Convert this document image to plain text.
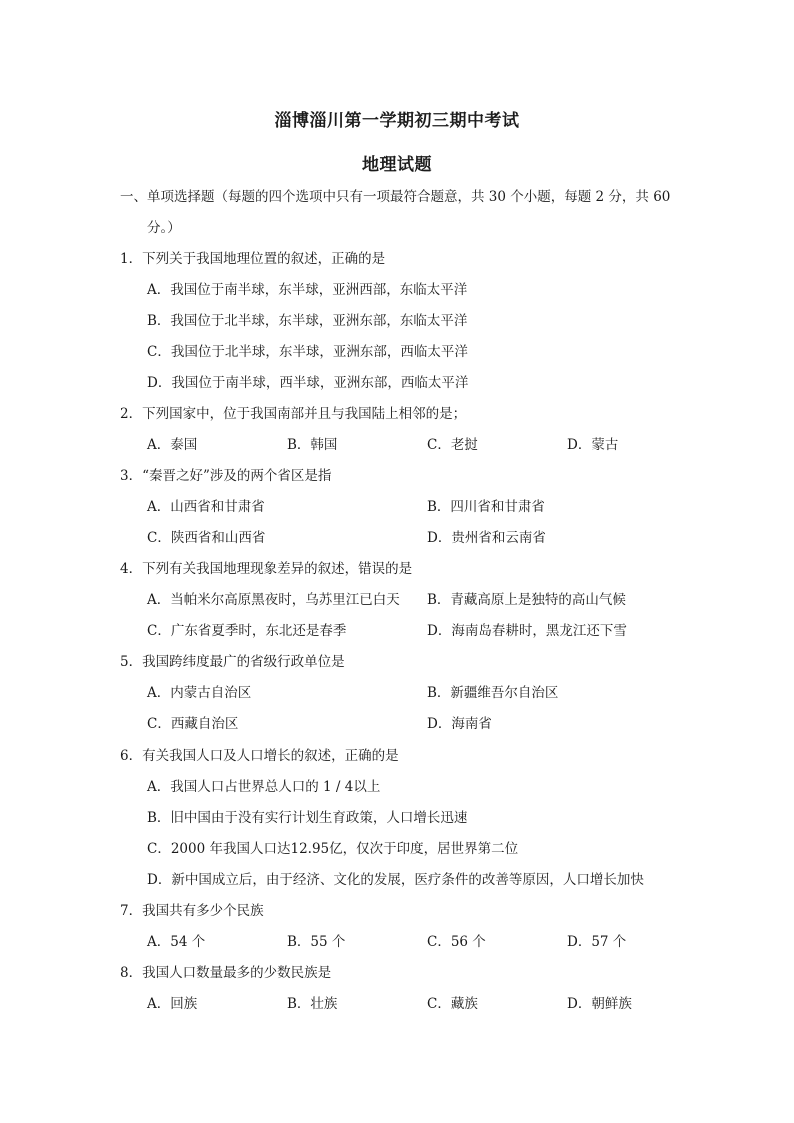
淄博淄川第一学期初三期中考试
地理试题
一、单项选择题（每题的四个选项中只有一项最符合题意，共 30 个小题，每题 2 分，共 60
分。）
1．下列关于我国地理位置的叙述，正确的是
A．我国位于南半球，东半球，亚洲西部，东临太平洋
B．我国位于北半球，东半球，亚洲东部，东临太平洋
C．我国位于北半球，东半球，亚洲东部，西临太平洋
D．我国位于南半球，西半球，亚洲东部，西临太平洋
2．下列国家中，位于我国南部并且与我国陆上相邻的是；
A．泰国	B．韩国	C．老挝	D．蒙古
3．“秦晋之好”涉及的两个省区是指
A．山西省和甘肃省	B．四川省和甘肃省
C．陕西省和山西省	D．贵州省和云南省
4．下列有关我国地理现象差异的叙述，错误的是
A．当帕米尔高原黑夜时，乌苏里江已白天 B．青藏高原上是独特的高山气候
C．广东省夏季时，东北还是春季	D．海南岛春耕时，黑龙江还下雪
5．我国跨纬度最广的省级行政单位是
A．内蒙古自治区	B．新疆维吾尔自治区
C．西藏自治区	D．海南省
6．有关我国人口及人口增长的叙述，正确的是
A．我国人口占世界总人口的 1 / 4以上
B．旧中国由于没有实行计划生育政策，人口增长迅速
C．2000 年我国人口达12.95亿，仅次于印度，居世界第二位
D．新中国成立后，由于经济、文化的发展，医疗条件的改善等原因，人口增长加快
7．我国共有多少个民族
A．54 个	B．55 个	C．56 个	D．57 个
8．我国人口数量最多的少数民族是
A．回族	B．壮族	C．藏族	D．朝鲜族
